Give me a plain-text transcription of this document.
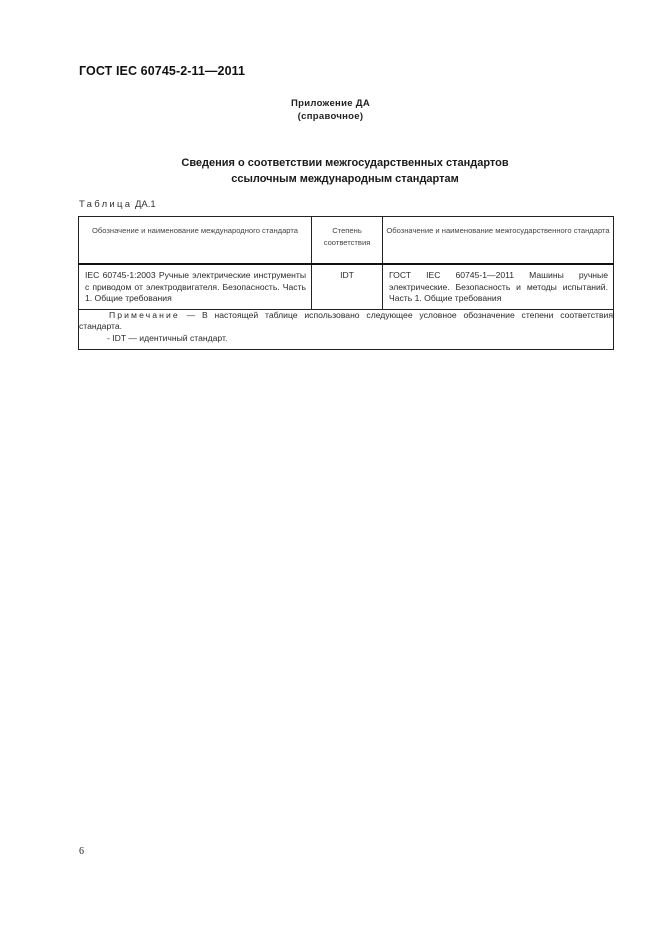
ГОСТ IEC 60745-2-11—2011
Приложение ДА
(справочное)
Сведения о соответствии межгосударственных стандартов
ссылочным международным стандартам
Таблица ДА.1
Обозначение и наименование международного стандарта	Степень соответствия	Обозначение и наименование межгосударственного стандарта

IEC 60745-1:2003 Ручные электрические инструменты с приводом от электродвигателя. Безопасность. Часть 1. Общие требования	IDT	ГОСТ IEC 60745-1—2011 Машины ручные электрические. Безопасность и методы испытаний. Часть 1. Общие требования

Примечание — В настоящей таблице использовано следующее условное обозначение степени соответствия стандарта.
- IDT — идентичный стандарт.		
6
